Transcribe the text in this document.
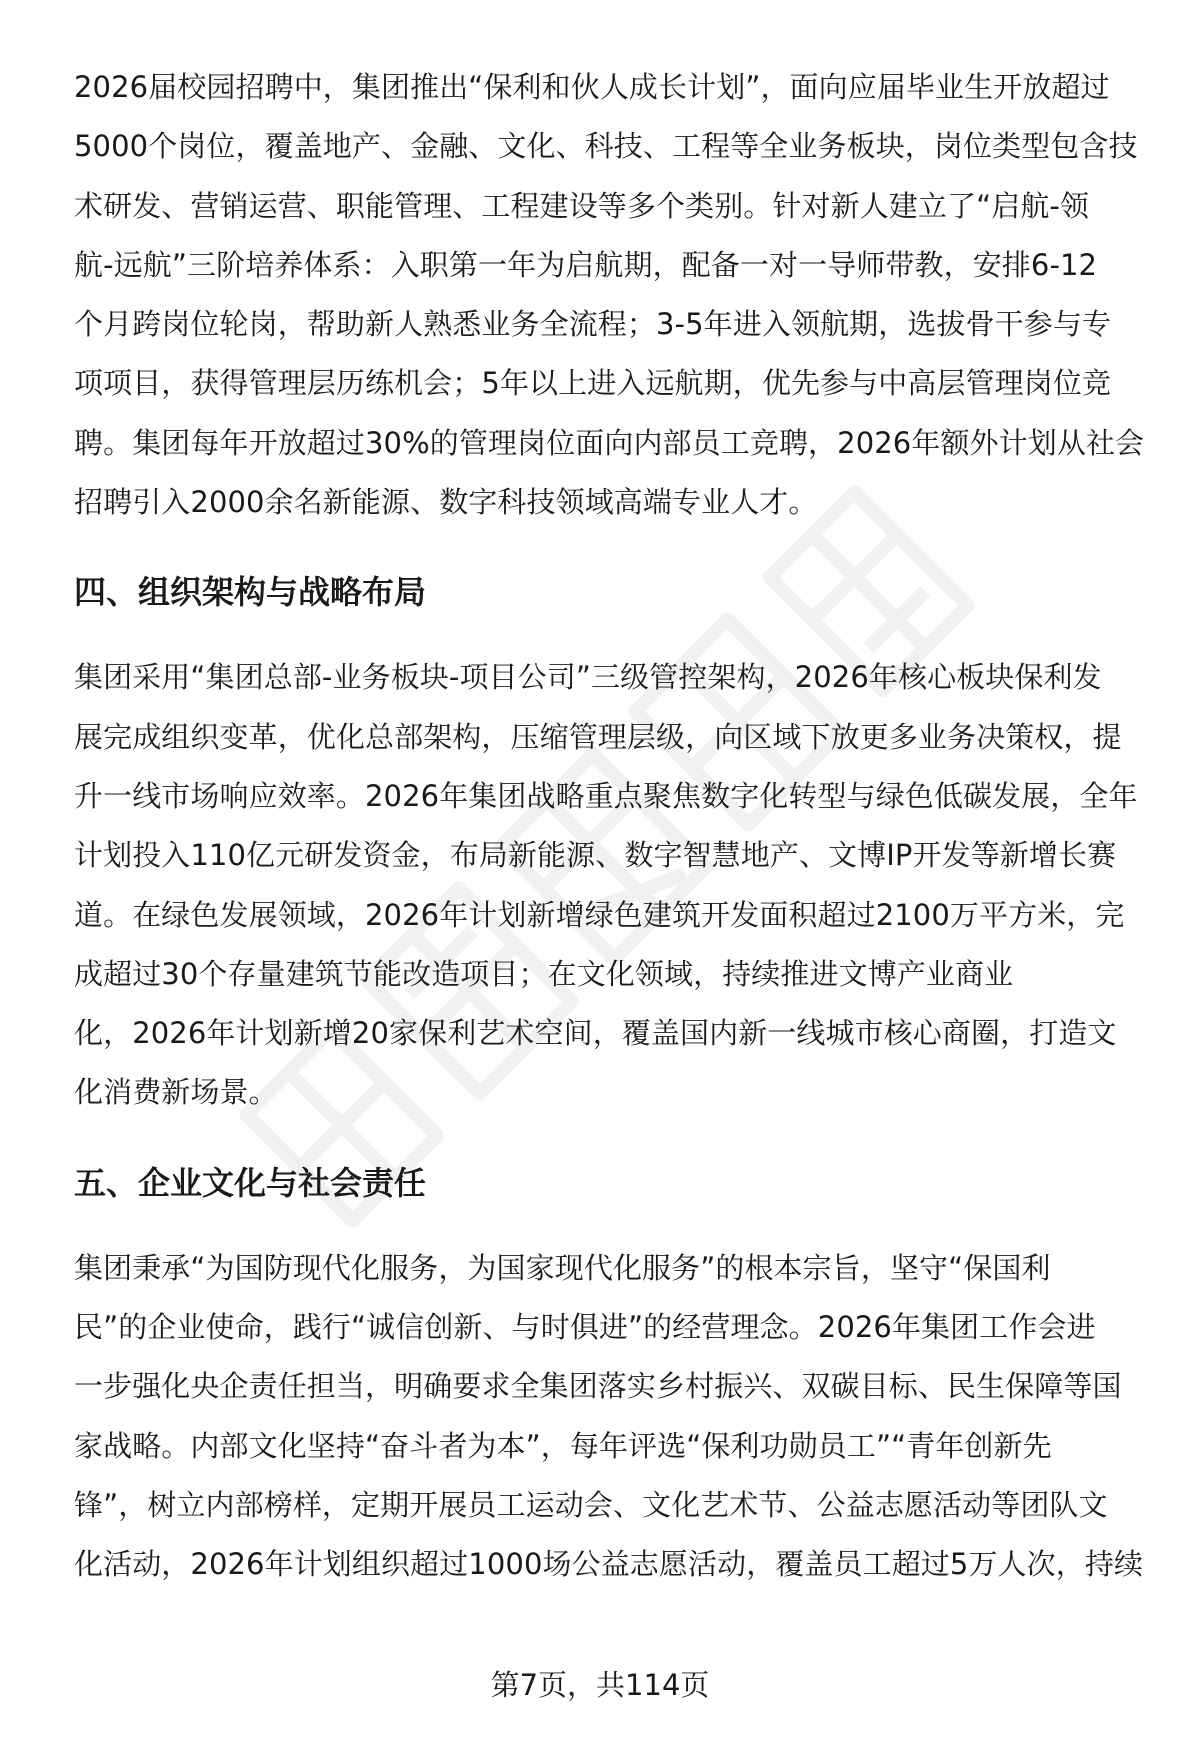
2026届校园招聘中，集团推出“保利和伙人成长计划”，面向应届毕业生开放超过
5000个岗位，覆盖地产、金融、文化、科技、工程等全业务板块，岗位类型包含技
术研发、营销运营、职能管理、工程建设等多个类别。针对新人建立了“启航-领
航-远航”三阶培养体系：入职第一年为启航期，配备一对一导师带教，安排6-12
个月跨岗位轮岗，帮助新人熟悉业务全流程；3-5年进入领航期，选拔骨干参与专
项项目，获得管理层历练机会；5年以上进入远航期，优先参与中高层管理岗位竞
聘。集团每年开放超过30%的管理岗位面向内部员工竞聘，2026年额外计划从社会
招聘引入2000余名新能源、数字科技领域高端专业人才。
四、组织架构与战略布局
集团采用“集团总部-业务板块-项目公司”三级管控架构，2026年核心板块保利发
展完成组织变革，优化总部架构，压缩管理层级，向区域下放更多业务决策权，提
升一线市场响应效率。2026年集团战略重点聚焦数字化转型与绿色低碳发展，全年
计划投入110亿元研发资金，布局新能源、数字智慧地产、文博IP开发等新增长赛
道。在绿色发展领域，2026年计划新增绿色建筑开发面积超过2100万平方米，完
成超过30个存量建筑节能改造项目；在文化领域，持续推进文博产业商业
化，2026年计划新增20家保利艺术空间，覆盖国内新一线城市核心商圈，打造文
化消费新场景。
五、企业文化与社会责任
集团秉承“为国防现代化服务，为国家现代化服务”的根本宗旨，坚守“保国利
民”的企业使命，践行“诚信创新、与时俱进”的经营理念。2026年集团工作会进
一步强化央企责任担当，明确要求全集团落实乡村振兴、双碳目标、民生保障等国
家战略。内部文化坚持“奋斗者为本”，每年评选“保利功勋员工”“青年创新先
锋”，树立内部榜样，定期开展员工运动会、文化艺术节、公益志愿活动等团队文
化活动，2026年计划组织超过1000场公益志愿活动，覆盖员工超过5万人次，持续
第7页，共114页
